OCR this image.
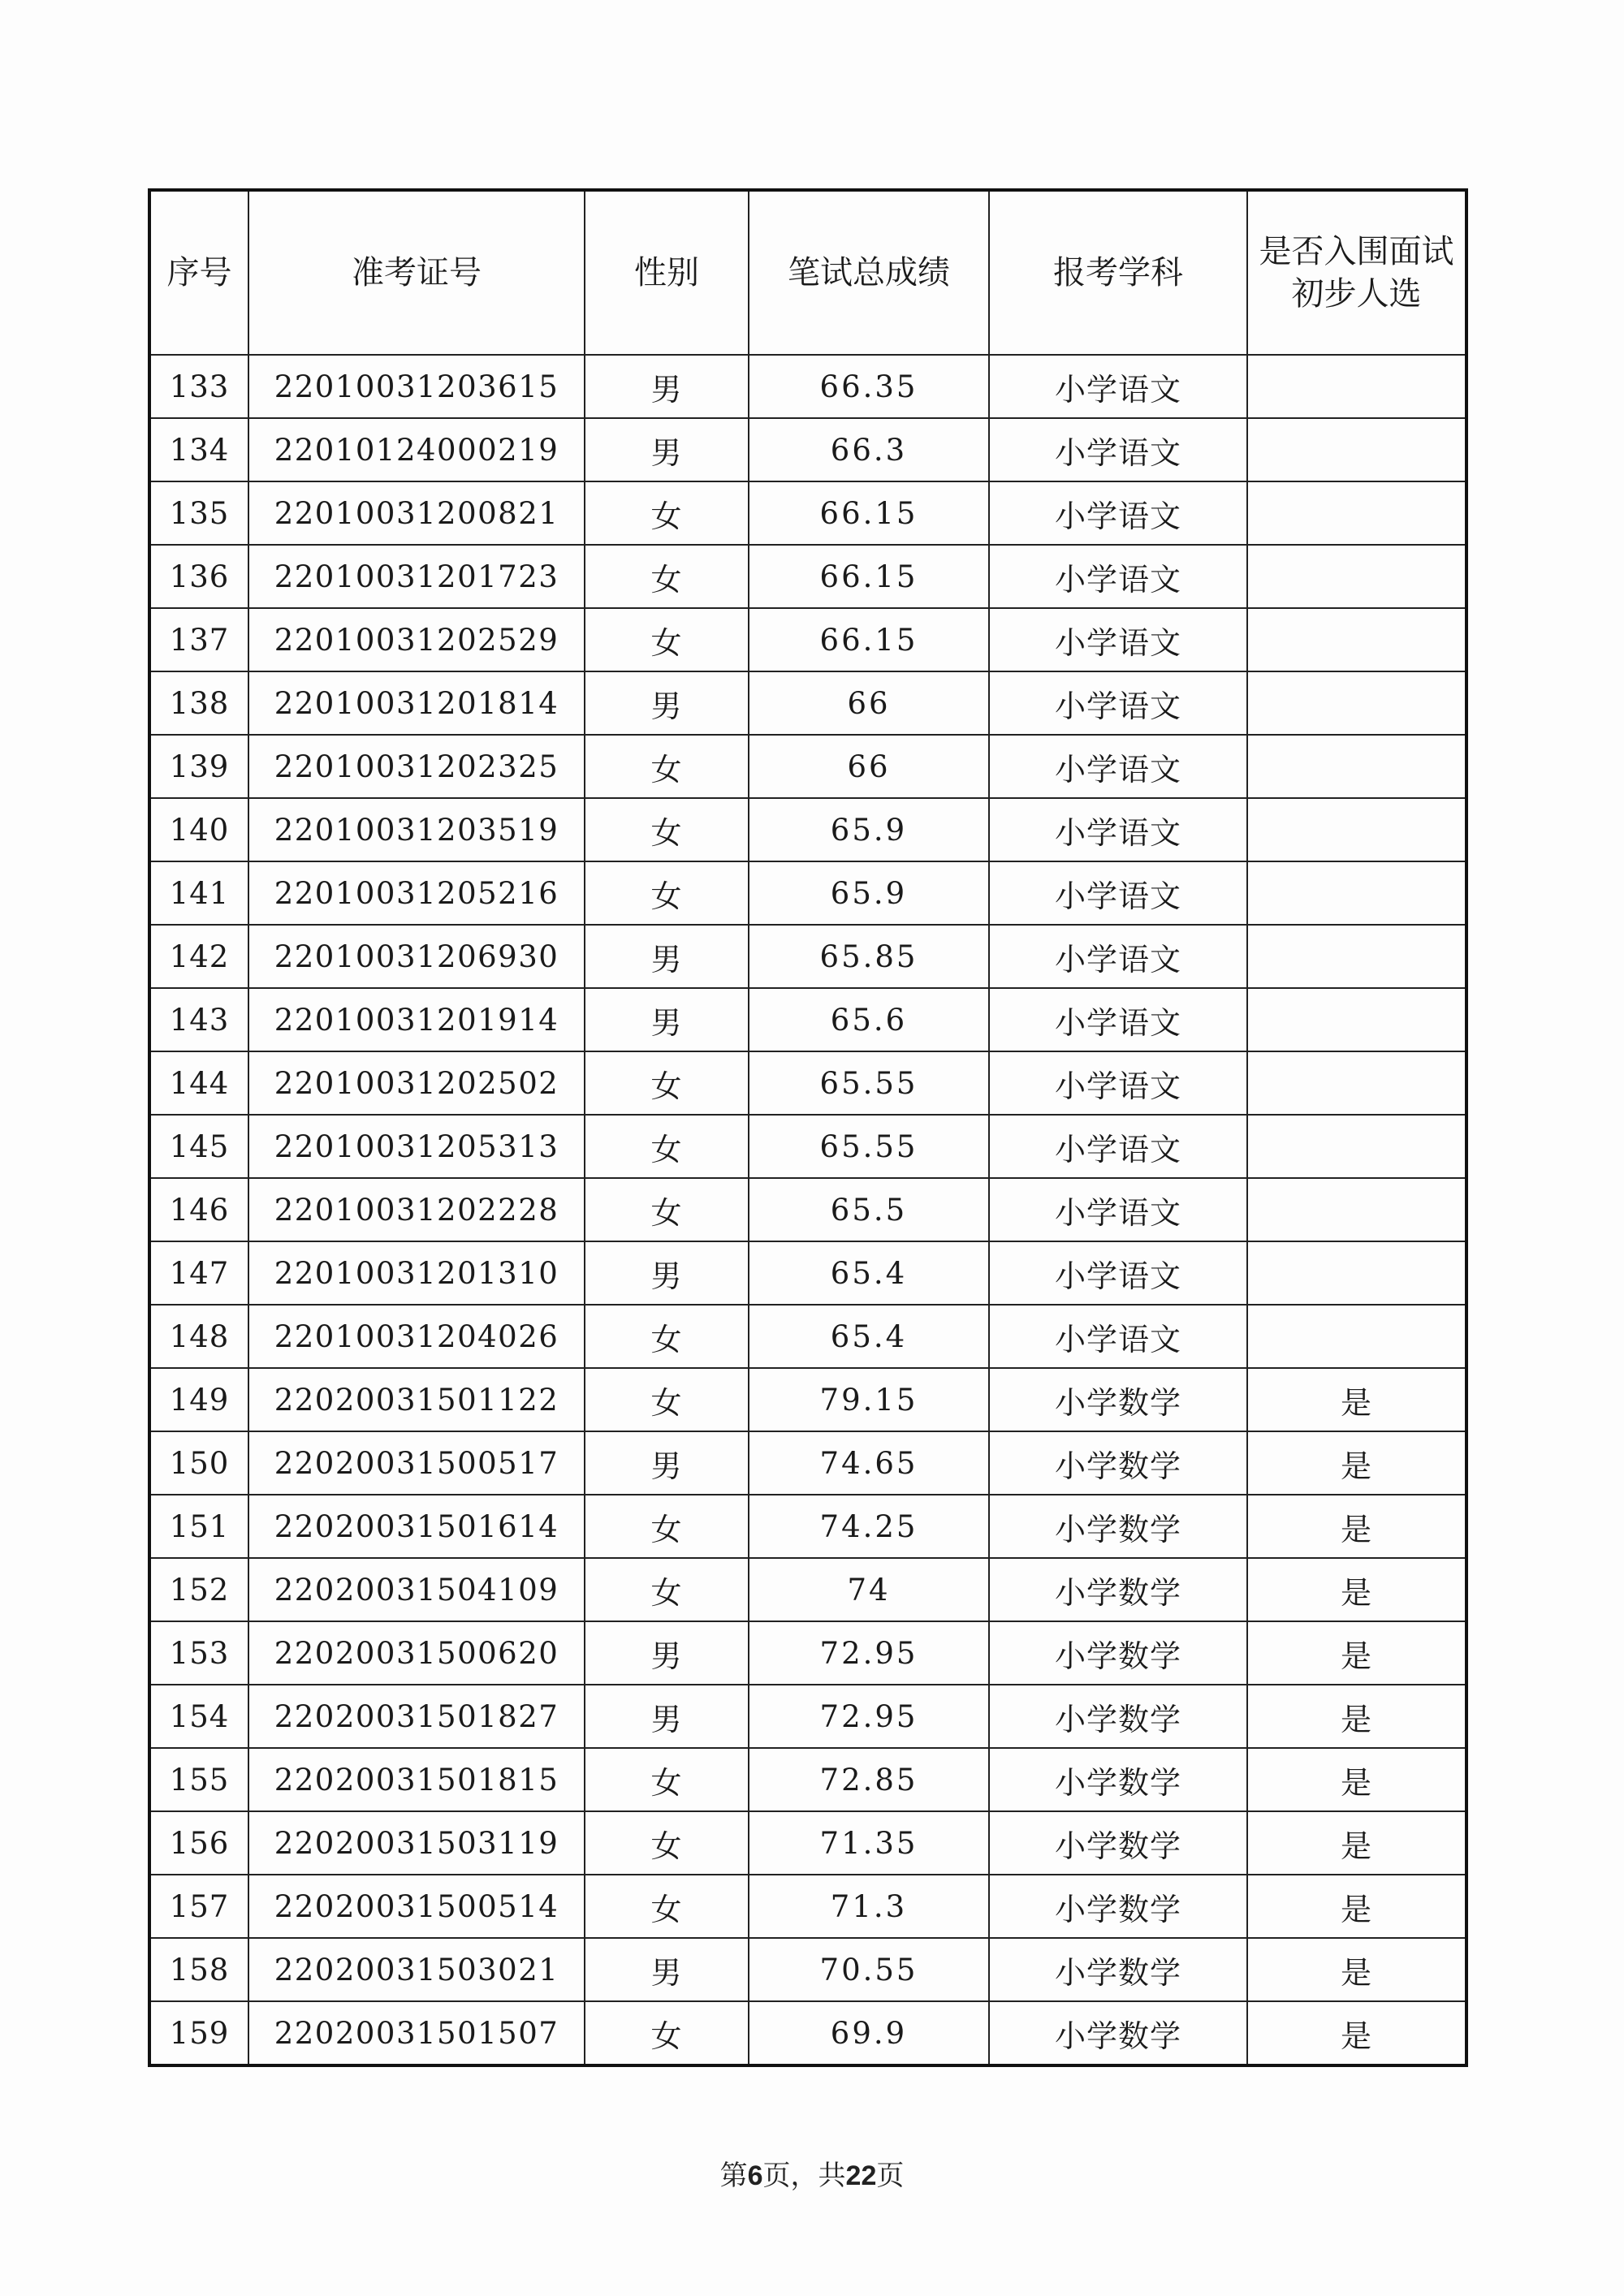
序号	准考证号	性别	笔试总成绩	报考学科	是否入围面试初步人选
133	22010031203615	男	66.35	小学语文	
134	22010124000219	男	66.3	小学语文	
135	22010031200821	女	66.15	小学语文	
136	22010031201723	女	66.15	小学语文	
137	22010031202529	女	66.15	小学语文	
138	22010031201814	男	66	小学语文	
139	22010031202325	女	66	小学语文	
140	22010031203519	女	65.9	小学语文	
141	22010031205216	女	65.9	小学语文	
142	22010031206930	男	65.85	小学语文	
143	22010031201914	男	65.6	小学语文	
144	22010031202502	女	65.55	小学语文	
145	22010031205313	女	65.55	小学语文	
146	22010031202228	女	65.5	小学语文	
147	22010031201310	男	65.4	小学语文	
148	22010031204026	女	65.4	小学语文	
149	22020031501122	女	79.15	小学数学	是
150	22020031500517	男	74.65	小学数学	是
151	22020031501614	女	74.25	小学数学	是
152	22020031504109	女	74	小学数学	是
153	22020031500620	男	72.95	小学数学	是
154	22020031501827	男	72.95	小学数学	是
155	22020031501815	女	72.85	小学数学	是
156	22020031503119	女	71.35	小学数学	是
157	22020031500514	女	71.3	小学数学	是
158	22020031503021	男	70.55	小学数学	是
159	22020031501507	女	69.9	小学数学	是
第6页，共22页
